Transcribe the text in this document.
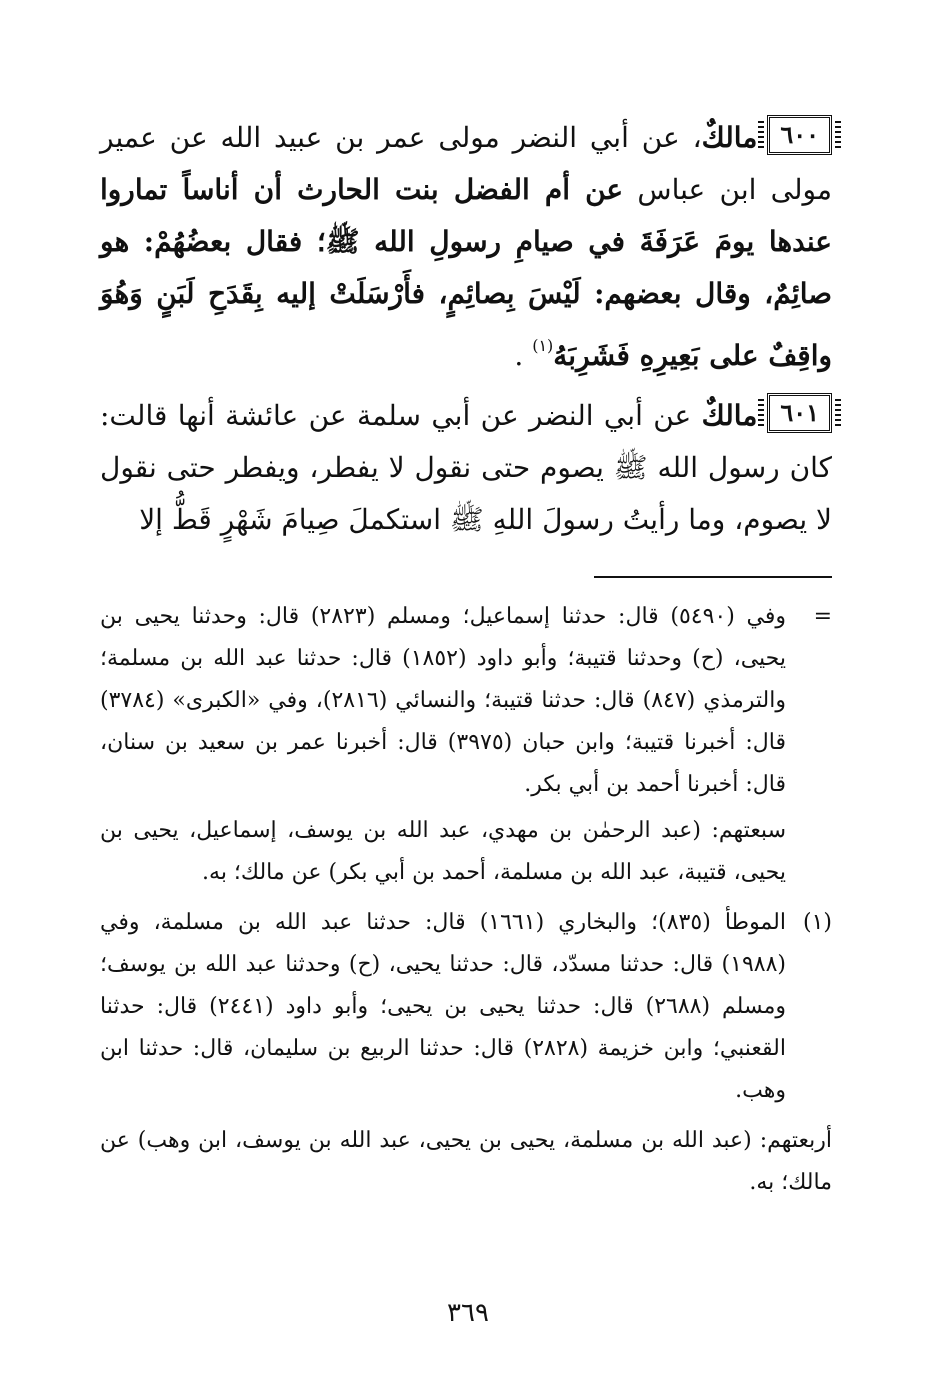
٦٠٠مالكٌ، عن أبي النضر مولى عمر بن عبيد الله عن عمير مولى ابن عباس عن أم الفضل بنت الحارث أن أناساً تماروا عندها يومَ عَرَفَةَ في صيامِ رسولِ الله ﷺ؛ فقال بعضُهُمْ: هو صائِمٌ، وقال بعضهم: لَيْسَ بِصائِمٍ، فأَرْسَلَتْ إليه بِقَدَحِ لَبَنٍ وَهُوَ واقِفٌ على بَعِيرِهِ فَشَرِبَهُ$^{(١)}$ .

٦٠١مالكٌ عن أبي النضر عن أبي سلمة عن عائشة أنها قالت: كان رسول الله ﷺ يصوم حتى نقول لا يفطر، ويفطر حتى نقول لا يصوم، وما رأيتُ رسولَ اللهِ ﷺ استكملَ صِيامَ شَهْرٍ قَطُّ إلا

=

وفي (٥٤٩٠) قال: حدثنا إسماعيل؛ ومسلم (٢٨٢٣) قال: وحدثنا يحيى بن يحيى، (ح) وحدثنا قتيبة؛ وأبو داود (١٨٥٢) قال: حدثنا عبد الله بن مسلمة؛ والترمذي (٨٤٧) قال: حدثنا قتيبة؛ والنسائي (٢٨١٦)، وفي «الكبرى» (٣٧٨٤) قال: أخبرنا قتيبة؛ وابن حبان (٣٩٧٥) قال: أخبرنا عمر بن سعيد بن سنان، قال: أخبرنا أحمد بن أبي بكر.

سبعتهم: (عبد الرحمٰن بن مهدي، عبد الله بن يوسف، إسماعيل، يحيى بن يحيى، قتيبة، عبد الله بن مسلمة، أحمد بن أبي بكر) عن مالك؛ به.

(١)

الموطأ (٨٣٥)؛ والبخاري (١٦٦١) قال: حدثنا عبد الله بن مسلمة، وفي (١٩٨٨) قال: حدثنا مسدّد، قال: حدثنا يحيى، (ح) وحدثنا عبد الله بن يوسف؛ ومسلم (٢٦٨٨) قال: حدثنا يحيى بن يحيى؛ وأبو داود (٢٤٤١) قال: حدثنا القعنبي؛ وابن خزيمة (٢٨٢٨) قال: حدثنا الربيع بن سليمان، قال: حدثنا ابن وهب.

أربعتهم: (عبد الله بن مسلمة، يحيى بن يحيى، عبد الله بن يوسف، ابن وهب) عن مالك؛ به.

٣٦٩
